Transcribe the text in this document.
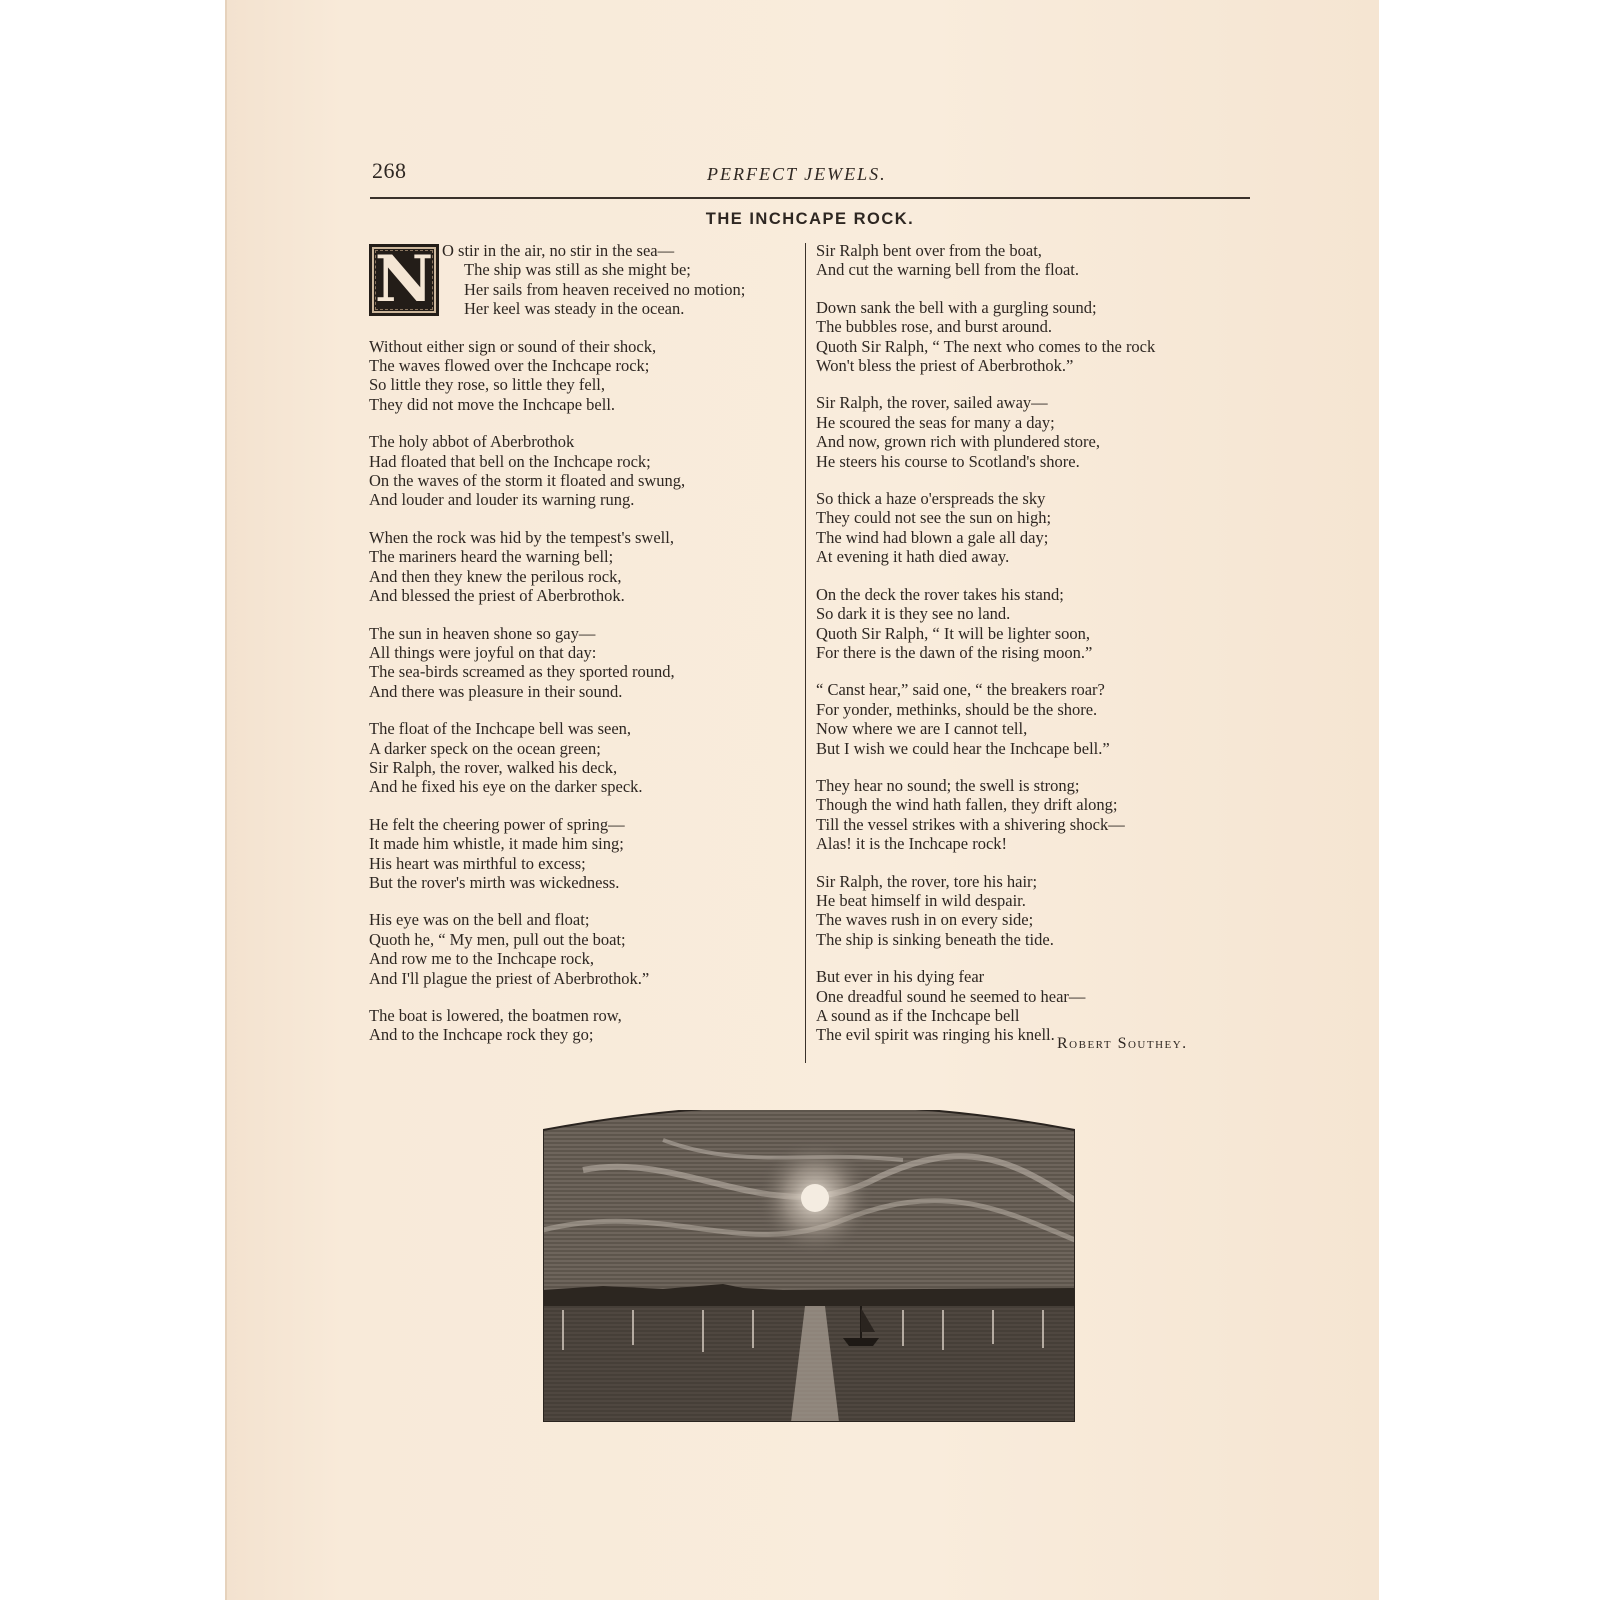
268	PERFECT JEWELS.
THE INCHCAPE ROCK.
N O stir in the air, no stir in the sea—
The ship was still as she might be;
Her sails from heaven received no motion;
Her keel was steady in the ocean.
Without either sign or sound of their shock,
The waves flowed over the Inchcape rock;
So little they rose, so little they fell,
They did not move the Inchcape bell.
The holy abbot of Aberbrothok
Had floated that bell on the Inchcape rock;
On the waves of the storm it floated and swung,
And louder and louder its warning rung.
When the rock was hid by the tempest's swell,
The mariners heard the warning bell;
And then they knew the perilous rock,
And blessed the priest of Aberbrothok.
The sun in heaven shone so gay—
All things were joyful on that day:
The sea-birds screamed as they sported round,
And there was pleasure in their sound.
The float of the Inchcape bell was seen,
A darker speck on the ocean green;
Sir Ralph, the rover, walked his deck,
And he fixed his eye on the darker speck.
He felt the cheering power of spring—
It made him whistle, it made him sing;
His heart was mirthful to excess;
But the rover's mirth was wickedness.
His eye was on the bell and float;
Quoth he, “ My men, pull out the boat;
And row me to the Inchcape rock,
And I'll plague the priest of Aberbrothok.”
The boat is lowered, the boatmen row,
And to the Inchcape rock they go;
Sir Ralph bent over from the boat,
And cut the warning bell from the float.
Down sank the bell with a gurgling sound;
The bubbles rose, and burst around.
Quoth Sir Ralph, “ The next who comes to the rock
Won't bless the priest of Aberbrothok.”
Sir Ralph, the rover, sailed away—
He scoured the seas for many a day;
And now, grown rich with plundered store,
He steers his course to Scotland's shore.
So thick a haze o'erspreads the sky
They could not see the sun on high;
The wind had blown a gale all day;
At evening it hath died away.
On the deck the rover takes his stand;
So dark it is they see no land.
Quoth Sir Ralph, “ It will be lighter soon,
For there is the dawn of the rising moon.”
“ Canst hear,” said one, “ the breakers roar?
For yonder, methinks, should be the shore.
Now where we are I cannot tell,
But I wish we could hear the Inchcape bell.”
They hear no sound; the swell is strong;
Though the wind hath fallen, they drift along;
Till the vessel strikes with a shivering shock—
Alas! it is the Inchcape rock!
Sir Ralph, the rover, tore his hair;
He beat himself in wild despair.
The waves rush in on every side;
The ship is sinking beneath the tide.
But ever in his dying fear
One dreadful sound he seemed to hear—
A sound as if the Inchcape bell
The evil spirit was ringing his knell. Robert Southey.
